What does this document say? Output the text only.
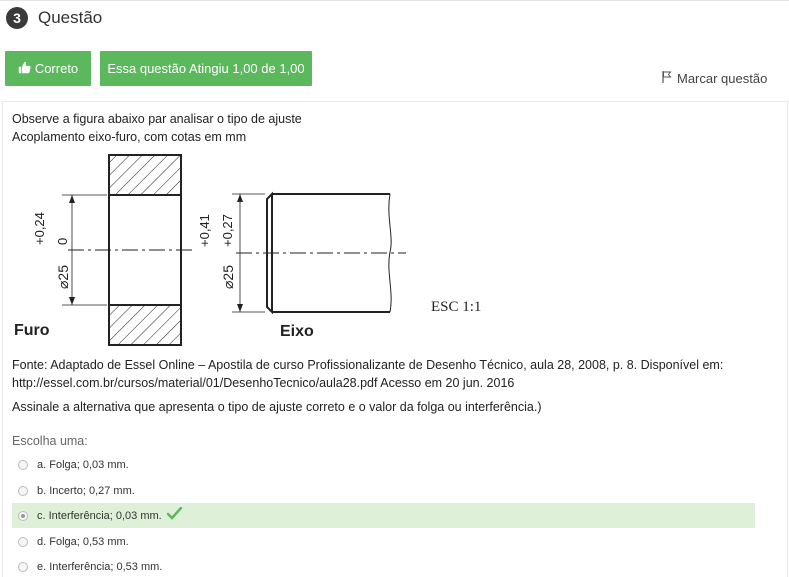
3	Questão
Correto	Essa questão Atingiu 1,00 de 1,00
Marcar questão
Observe a figura abaixo par analisar o tipo de ajuste
Acoplamento eixo-furo, com cotas em mm
⌀25
+0,24 0
Furo
⌀25
+0,41 +0,27
Eixo
ESC 1:1
Fonte: Adaptado de Essel Online – Apostila de curso Profissionalizante de Desenho Técnico, aula 28, 2008, p. 8. Disponível em:
http://essel.com.br/cursos/material/01/DesenhoTecnico/aula28.pdf Acesso em 20 jun. 2016
Assinale a alternativa que apresenta o tipo de ajuste correto e o valor da folga ou interferência.)
Escolha uma:
a. Folga; 0,03 mm.
b. Incerto; 0,27 mm.
c. Interferência; 0,03 mm.
d. Folga; 0,53 mm.
e. Interferência; 0,53 mm.
